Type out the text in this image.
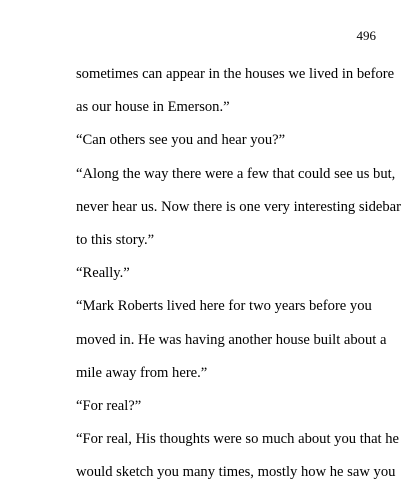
496
sometimes can appear in the houses we lived in before
as our house in Emerson.”
“Can others see you and hear you?”
“Along the way there were a few that could see us but,
never hear us. Now there is one very interesting sidebar
to this story.”
“Really.”
“Mark Roberts lived here for two years before you
moved in. He was having another house built about a
mile away from here.”
“For real?”
“For real, His thoughts were so much about you that he
would sketch you many times, mostly how he saw you
